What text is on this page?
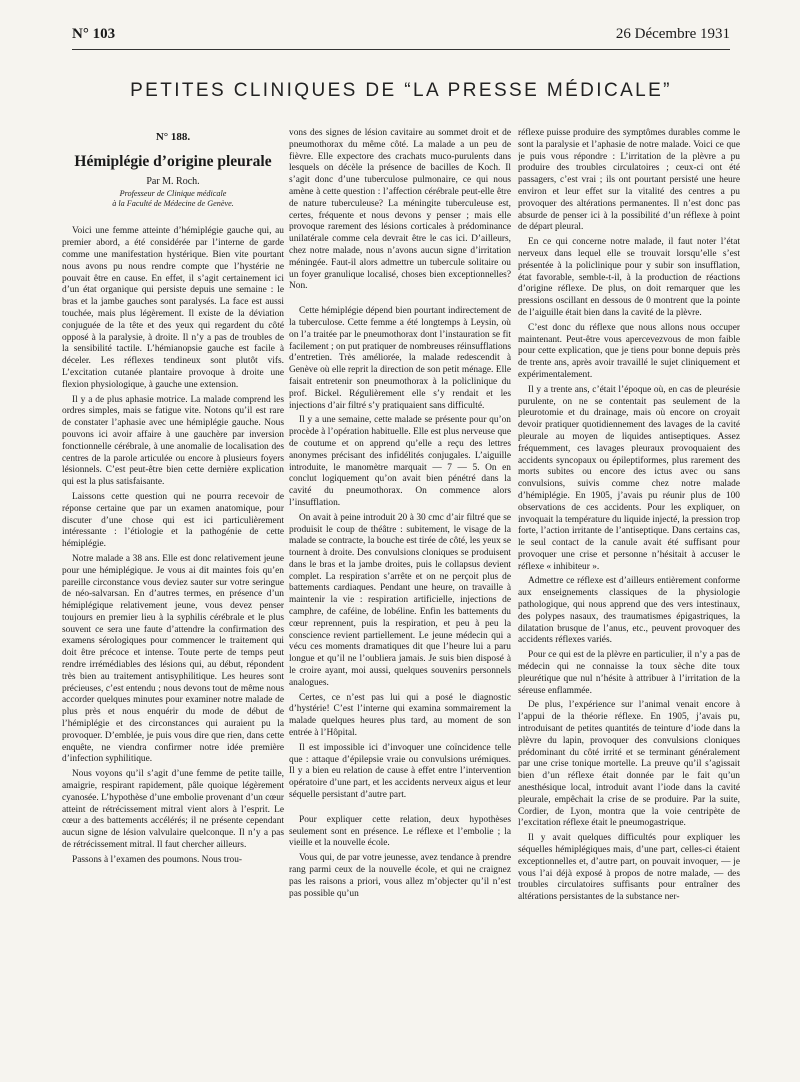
N° 103	26 Décembre 1931
PETITES CLINIQUES DE “LA PRESSE MÉDICALE”
N° 188.
Hémiplégie d’origine pleurale
Par M. Roch.
Professeur de Clinique médicale
à la Faculté de Médecine de Genève.

Voici une femme atteinte d’hémiplégie gauche qui, au premier abord, a été considérée par l’interne de garde comme une manifestation hystérique. Bien vite pourtant nous avons pu nous rendre compte que l’hystérie ne pouvait être en cause. En effet, il s’agit certainement ici d’un état organique qui persiste depuis une semaine : le bras et la jambe gauches sont paralysés. La face est aussi touchée, mais plus légèrement. Il existe de la déviation conjuguée de la tête et des yeux qui regardent du côté opposé à la paralysie, à droite. Il n’y a pas de troubles de la sensibilité tactile. L’hémianopsie gauche est facile à déceler. Les réflexes tendineux sont plutôt vifs. L’excitation cutanée plantaire provoque à droite une flexion physiologique, à gauche une extension.

Il y a de plus aphasie motrice. La malade comprend les ordres simples, mais se fatigue vite. Notons qu’il est rare de constater l’aphasie avec une hémiplégie gauche. Nous pouvons ici avoir affaire à une gauchère par inversion fonctionnelle cérébrale, à une anomalie de localisation des centres de la parole articulée ou encore à plusieurs foyers lésionnels. C’est peut-être bien cette dernière explication qui est la plus satisfaisante.

Laissons cette question qui ne pourra recevoir de réponse certaine que par un examen anatomique, pour discuter d’une chose qui est ici particulièrement intéressante : l’étiologie et la pathogénie de cette hémiplégie.

Notre malade a 38 ans. Elle est donc relativement jeune pour une hémiplégique. Je vous ai dit maintes fois qu’en pareille circonstance vous deviez sauter sur votre seringue de néo-salvarsan. En d’autres termes, en présence d’un hémiplégique relativement jeune, vous devez penser toujours en premier lieu à la syphilis cérébrale et le plus souvent ce sera une faute d’attendre la confirmation des examens sérologiques pour commencer le traitement qui doit être précoce et intense. Toute perte de temps peut rendre irrémédiables des lésions qui, au début, répondent très bien au traitement antisyphilitique. Les heures sont précieuses, c’est entendu ; nous devons tout de même nous accorder quelques minutes pour examiner notre malade de plus près et nous enquérir du mode de début de l’hémiplégie et des circonstances qui auraient pu la provoquer. D’emblée, je puis vous dire que rien, dans cette enquête, ne viendra confirmer notre idée première d’infection syphilitique.

Nous voyons qu’il s’agit d’une femme de petite taille, amaigrie, respirant rapidement, pâle quoique légèrement cyanosée. L’hypothèse d’une embolie provenant d’un cœur atteint de rétrécissement mitral vient alors à l’esprit. Le cœur a des battements accélérés; il ne présente cependant aucun signe de lésion valvulaire quelconque. Il n’y a pas de rétrécissement mitral. Il faut chercher ailleurs.

Passons à l’examen des poumons. Nous trou-

vons des signes de lésion cavitaire au sommet droit et de pneumothorax du même côté. La malade a un peu de fièvre. Elle expectore des crachats muco-purulents dans lesquels on décèle la présence de bacilles de Koch. Il s’agit donc d’une tuberculose pulmonaire, ce qui nous amène à cette question : l’affection cérébrale peut-elle être de nature tuberculeuse? La méningite tuberculeuse est, certes, fréquente et nous devons y penser ; mais elle provoque rarement des lésions corticales à prédominance unilatérale comme cela devrait être le cas ici. D’ailleurs, chez notre malade, nous n’avons aucun signe d’irritation méningée. Faut-il alors admettre un tubercule solitaire ou un foyer granulique localisé, choses bien exceptionnelles? Non.

Cette hémiplégie dépend bien pourtant indirectement de la tuberculose. Cette femme a été longtemps à Leysin, où on l’a traitée par le pneumothorax dont l’instauration se fit facilement ; on put pratiquer de nombreuses réinsufflations d’entretien. Très améliorée, la malade redescendit à Genève où elle reprit la direction de son petit ménage. Elle faisait entretenir son pneumothorax à la policlinique du prof. Bickel. Régulièrement elle s’y rendait et les injections d’air filtré s’y pratiquaient sans difficulté.

Il y a une semaine, cette malade se présente pour qu’on procède à l’opération habituelle. Elle est plus nerveuse que de coutume et on apprend qu’elle a reçu des lettres anonymes précisant des infidélités conjugales. L’aiguille introduite, le manomètre marquait — 7 — 5. On en conclut logiquement qu’on avait bien pénétré dans la cavité du pneumothorax. On commence alors l’insufflation.

On avait à peine introduit 20 à 30 cmc d’air filtré que se produisit le coup de théâtre : subitement, le visage de la malade se contracte, la bouche est tirée de côté, les yeux se tournent à droite. Des convulsions cloniques se produisent dans le bras et la jambe droites, puis le collapsus devient complet. La respiration s’arrête et on ne perçoit plus de battements cardiaques. Pendant une heure, on travaille à maintenir la vie : respiration artificielle, injections de camphre, de caféine, de lobéline. Enfin les battements du cœur reprennent, puis la respiration, et peu à peu la conscience revient partiellement. Le jeune médecin qui a vécu ces moments dramatiques dit que l’heure lui a paru longue et qu’il ne l’oubliera jamais. Je suis bien disposé à le croire ayant, moi aussi, quelques souvenirs personnels analogues.

Certes, ce n’est pas lui qui a posé le diagnostic d’hystérie! C’est l’interne qui examina sommairement la malade quelques heures plus tard, au moment de son entrée à l’Hôpital.

Il est impossible ici d’invoquer une coïncidence telle que : attaque d’épilepsie vraie ou convulsions urémiques. Il y a bien eu relation de cause à effet entre l’intervention opératoire d’une part, et les accidents nerveux aigus et leur séquelle persistant d’autre part.

Pour expliquer cette relation, deux hypothèses seulement sont en présence. Le réflexe et l’embolie ; la vieille et la nouvelle école.

Vous qui, de par votre jeunesse, avez tendance à prendre rang parmi ceux de la nouvelle école, et qui ne craignez pas les raisons a priori, vous allez m’objecter qu’il n’est pas possible qu’un

réflexe puisse produire des symptômes durables comme le sont la paralysie et l’aphasie de notre malade. Voici ce que je puis vous répondre : L’irritation de la plèvre a pu produire des troubles circulatoires ; ceux-ci ont été passagers, c’est vrai ; ils ont pourtant persisté une heure environ et leur effet sur la vitalité des centres a pu provoquer des altérations permanentes. Il n’est donc pas absurde de penser ici à la possibilité d’un réflexe à point de départ pleural.

En ce qui concerne notre malade, il faut noter l’état nerveux dans lequel elle se trouvait lorsqu’elle s’est présentée à la policlinique pour y subir son insufflation, état favorable, semble-t-il, à la production de réactions d’origine réflexe. De plus, on doit remarquer que les pressions oscillant en dessous de 0 montrent que la pointe de l’aiguille était bien dans la cavité de la plèvre.

C’est donc du réflexe que nous allons nous occuper maintenant. Peut-être vous apercevezvous de mon faible pour cette explication, que je tiens pour bonne depuis près de trente ans, après avoir travaillé le sujet cliniquement et expérimentalement.

Il y a trente ans, c’était l’époque où, en cas de pleurésie purulente, on ne se contentait pas seulement de la pleurotomie et du drainage, mais où encore on croyait devoir pratiquer quotidiennement des lavages de la cavité pleurale au moyen de liquides antiseptiques. Assez fréquemment, ces lavages pleuraux provoquaient des accidents syncopaux ou épileptiformes, plus rarement des morts subites ou encore des ictus avec ou sans convulsions, suivis comme chez notre malade d’hémiplégie. En 1905, j’avais pu réunir plus de 100 observations de ces accidents. Pour les expliquer, on invoquait la température du liquide injecté, la pression trop forte, l’action irritante de l’antiseptique. Dans certains cas, le seul contact de la canule avait été suffisant pour provoquer une crise et personne n’hésitait à accuser le réflexe « inhibiteur ».

Admettre ce réflexe est d’ailleurs entièrement conforme aux enseignements classiques de la physiologie pathologique, qui nous apprend que des vers intestinaux, des polypes nasaux, des traumatismes épigastriques, la dilatation brusque de l’anus, etc., peuvent provoquer des accidents réflexes variés.

Pour ce qui est de la plèvre en particulier, il n’y a pas de médecin qui ne connaisse la toux sèche dite toux pleurétique que nul n’hésite à attribuer à l’irritation de la séreuse enflammée.

De plus, l’expérience sur l’animal venait encore à l’appui de la théorie réflexe. En 1905, j’avais pu, introduisant de petites quantités de teinture d’iode dans la plèvre du lapin, provoquer des convulsions cloniques prédominant du côté irrité et se terminant généralement par une crise tonique mortelle. La preuve qu’il s’agissait bien d’un réflexe était donnée par le fait qu’un anesthésique local, introduit avant l’iode dans la cavité pleurale, empêchait la crise de se produire. Par la suite, Cordier, de Lyon, montra que la voie centripète de l’excitation réflexe était le pneumogastrique.

Il y avait quelques difficultés pour expliquer les séquelles hémiplégiques mais, d’une part, celles-ci étaient exceptionnelles et, d’autre part, on pouvait invoquer, — je vous l’ai déjà exposé à propos de notre malade, — des troubles circulatoires suffisants pour entraîner des altérations persistantes de la substance ner-
